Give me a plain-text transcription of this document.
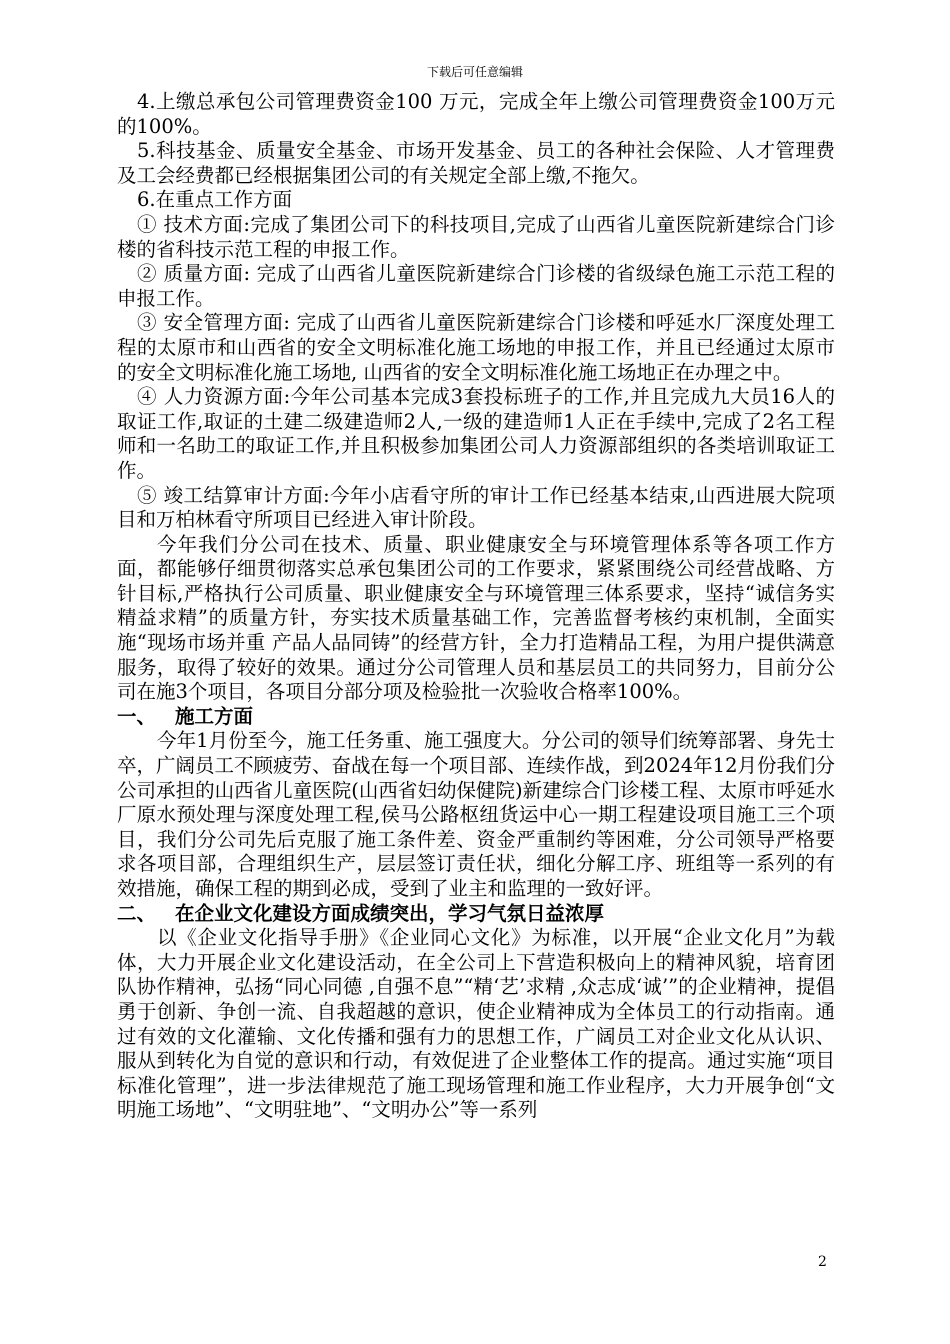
下载后可任意编辑

4.上缴总承包公司管理费资金100 万元，完成全年上缴公司管理费资金100万元的100%。

5.科技基金、质量安全基金、市场开发基金、员工的各种社会保险、人才管理费及工会经费都已经根据集团公司的有关规定全部上缴,不拖欠。

6.在重点工作方面

① 技术方面:完成了集团公司下的科技项目,完成了山西省儿童医院新建综合门诊楼的省科技示范工程的申报工作。

② 质量方面: 完成了山西省儿童医院新建综合门诊楼的省级绿色施工示范工程的申报工作。

③ 安全管理方面: 完成了山西省儿童医院新建综合门诊楼和呼延水厂深度处理工程的太原市和山西省的安全文明标准化施工场地的申报工作，并且已经通过太原市的安全文明标准化施工场地, 山西省的安全文明标准化施工场地正在办理之中。

④ 人力资源方面:今年公司基本完成3套投标班子的工作,并且完成九大员16人的取证工作,取证的土建二级建造师2人,一级的建造师1人正在手续中,完成了2名工程师和一名助工的取证工作,并且积极参加集团公司人力资源部组织的各类培训取证工作。

⑤ 竣工结算审计方面:今年小店看守所的审计工作已经基本结束,山西进展大院项目和万柏林看守所项目已经进入审计阶段。

今年我们分公司在技术、质量、职业健康安全与环境管理体系等各项工作方面，都能够仔细贯彻落实总承包集团公司的工作要求，紧紧围绕公司经营战略、方针目标,严格执行公司质量、职业健康安全与环境管理三体系要求，坚持“诚信务实 精益求精”的质量方针，夯实技术质量基础工作，完善监督考核约束机制，全面实施“现场市场并重 产品人品同铸”的经营方针，全力打造精品工程，为用户提供满意服务，取得了较好的效果。通过分公司管理人员和基层员工的共同努力，目前分公司在施3个项目，各项目分部分项及检验批一次验收合格率100%。

一、 施工方面

今年1月份至今，施工任务重、施工强度大。分公司的领导们统筹部署、身先士卒，广阔员工不顾疲劳、奋战在每一个项目部、连续作战，到2024年12月份我们分公司承担的山西省儿童医院(山西省妇幼保健院)新建综合门诊楼工程、太原市呼延水厂原水预处理与深度处理工程,侯马公路枢纽货运中心一期工程建设项目施工三个项目，我们分公司先后克服了施工条件差、资金严重制约等困难，分公司领导严格要求各项目部，合理组织生产，层层签订责任状，细化分解工序、班组等一系列的有效措施，确保工程的期到必成，受到了业主和监理的一致好评。

二、 在企业文化建设方面成绩突出，学习气氛日益浓厚

以《企业文化指导手册》《企业同心文化》为标准，以开展“企业文化月”为载体，大力开展企业文化建设活动，在全公司上下营造积极向上的精神风貌，培育团队协作精神，弘扬“同心同德 ,自强不息”“精‘艺’求精 ,众志成‘诚’”的企业精神，提倡勇于创新、争创一流、自我超越的意识，使企业精神成为全体员工的行动指南。通过有效的文化灌输、文化传播和强有力的思想工作，广阔员工对企业文化从认识、服从到转化为自觉的意识和行动，有效促进了企业整体工作的提高。通过实施“项目标准化管理”，进一步法律规范了施工现场管理和施工作业程序，大力开展争创“文明施工场地”、“文明驻地”、“文明办公”等一系列

2
